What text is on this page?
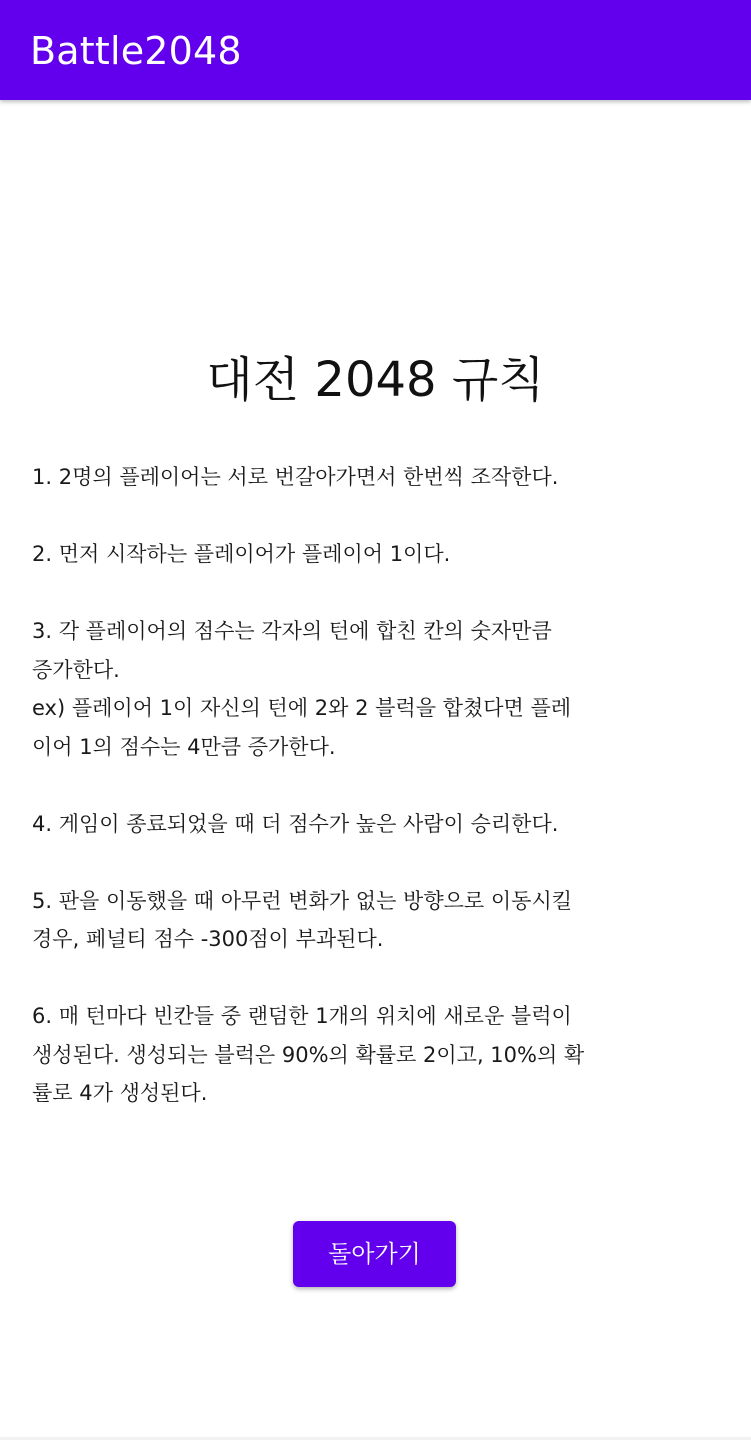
Battle2048
대전 2048 규칙
1. 2명의 플레이어는 서로 번갈아가면서 한번씩 조작한다.
2. 먼저 시작하는 플레이어가 플레이어 1이다.
3. 각 플레이어의 점수는 각자의 턴에 합친 칸의 숫자만큼
증가한다.
ex) 플레이어 1이 자신의 턴에 2와 2 블럭을 합쳤다면 플레
이어 1의 점수는 4만큼 증가한다.
4. 게임이 종료되었을 때 더 점수가 높은 사람이 승리한다.
5. 판을 이동했을 때 아무런 변화가 없는 방향으로 이동시킬
경우, 페널티 점수 -300점이 부과된다.
6. 매 턴마다 빈칸들 중 랜덤한 1개의 위치에 새로운 블럭이
생성된다. 생성되는 블럭은 90%의 확률로 2이고, 10%의 확
률로 4가 생성된다.
돌아가기
